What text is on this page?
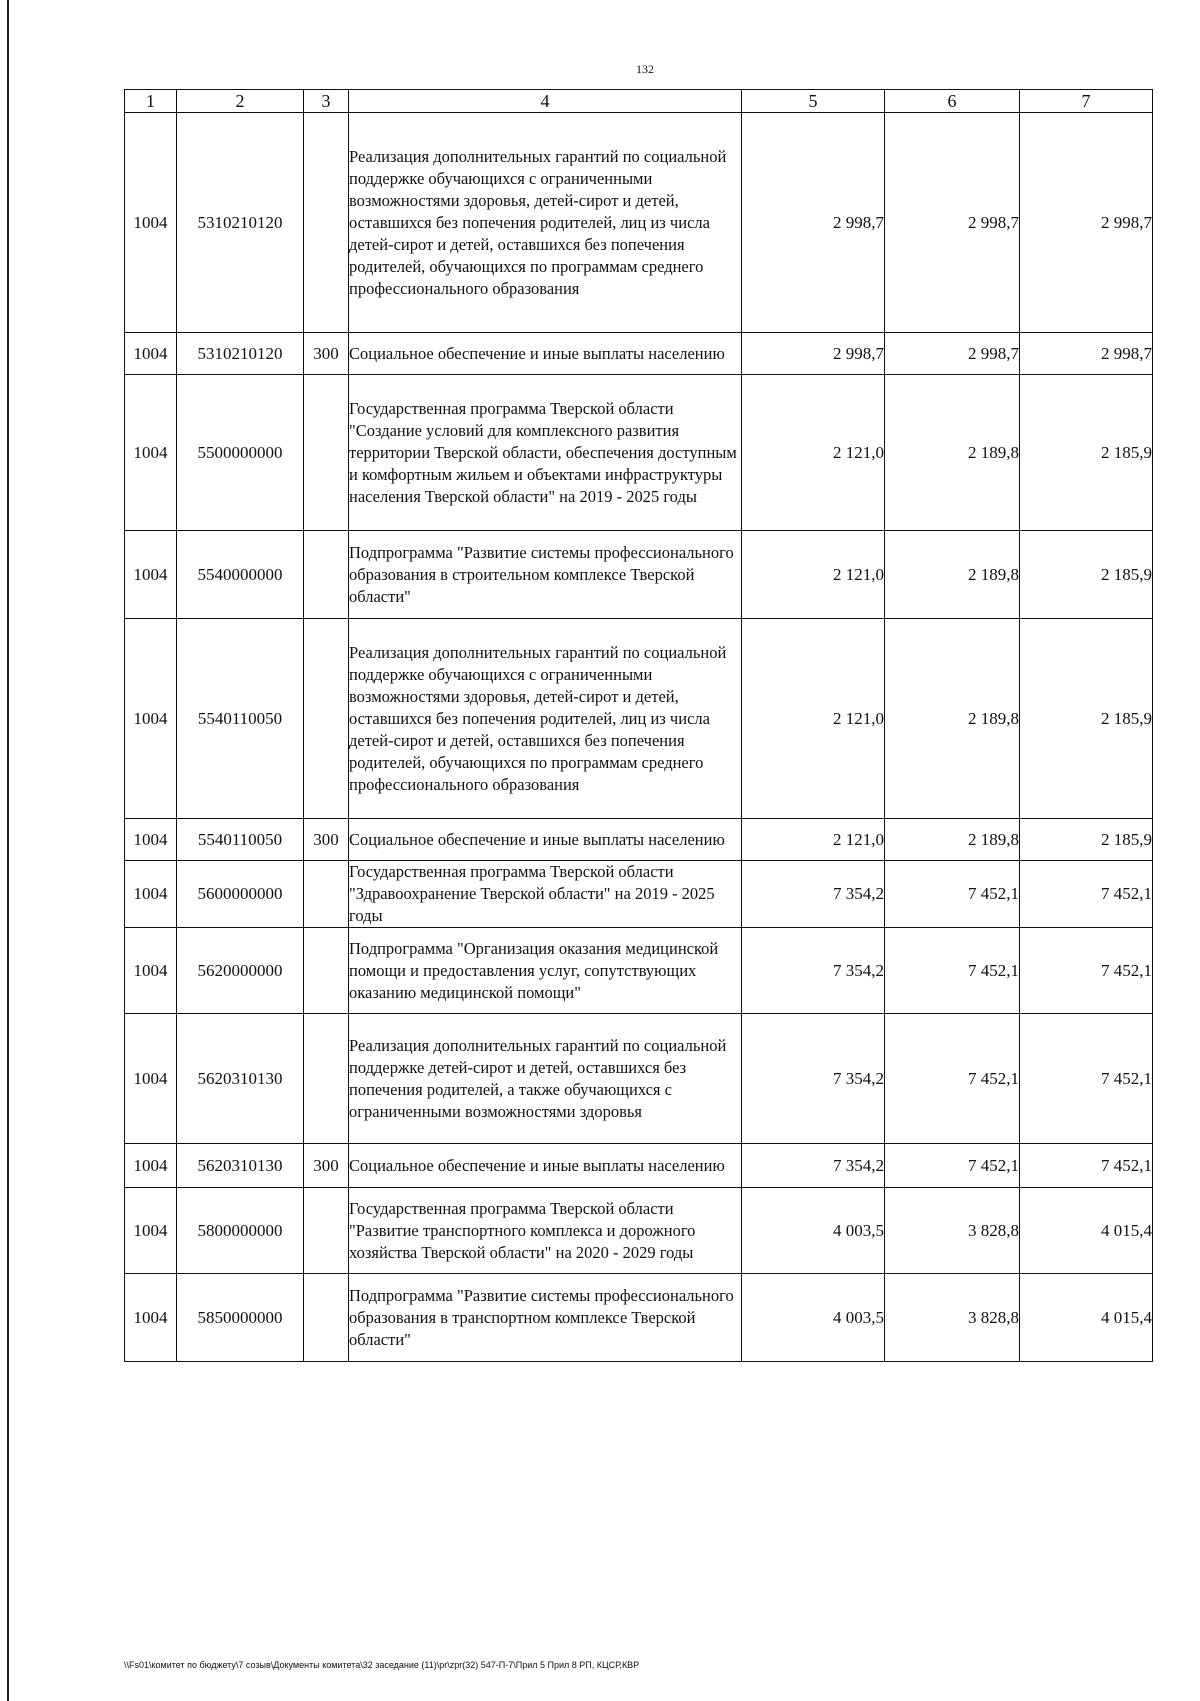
132
1	2	3	4	5	6	7
1004	5310210120		Реализация дополнительных гарантий по социальной поддержке обучающихся с ограниченными возможностями здоровья, детей-сирот и детей, оставшихся без попечения родителей, лиц из числа детей-сирот и детей, оставшихся без попечения родителей, обучающихся по программам среднего профессионального образования	2 998,7	2 998,7	2 998,7
1004	5310210120	300	Социальное обеспечение и иные выплаты населению	2 998,7	2 998,7	2 998,7
1004	5500000000		Государственная программа Тверской области "Создание условий для комплексного развития территории Тверской области, обеспечения доступным и комфортным жильем и объектами инфраструктуры населения Тверской области" на 2019 - 2025 годы	2 121,0	2 189,8	2 185,9
1004	5540000000		Подпрограмма "Развитие системы профессионального образования в строительном комплексе Тверской области"	2 121,0	2 189,8	2 185,9
1004	5540110050		Реализация дополнительных гарантий по социальной поддержке обучающихся с ограниченными возможностями здоровья, детей-сирот и детей, оставшихся без попечения родителей, лиц из числа детей-сирот и детей, оставшихся без попечения родителей, обучающихся по программам среднего профессионального образования	2 121,0	2 189,8	2 185,9
1004	5540110050	300	Социальное обеспечение и иные выплаты населению	2 121,0	2 189,8	2 185,9
1004	5600000000		Государственная программа Тверской области "Здравоохранение Тверской области" на 2019 - 2025 годы	7 354,2	7 452,1	7 452,1
1004	5620000000		Подпрограмма "Организация оказания медицинской помощи и предоставления услуг, сопутствующих оказанию медицинской помощи"	7 354,2	7 452,1	7 452,1
1004	5620310130		Реализация дополнительных гарантий по социальной поддержке детей-сирот и детей, оставшихся без попечения родителей, а также обучающихся с ограниченными возможностями здоровья	7 354,2	7 452,1	7 452,1
1004	5620310130	300	Социальное обеспечение и иные выплаты населению	7 354,2	7 452,1	7 452,1
1004	5800000000		Государственная программа Тверской области "Развитие транспортного комплекса и дорожного хозяйства Тверской области" на 2020 - 2029 годы	4 003,5	3 828,8	4 015,4
1004	5850000000		Подпрограмма "Развитие системы профессионального образования в транспортном комплексе Тверской области"	4 003,5	3 828,8	4 015,4
\\Fs01\комитет по бюджету\7 созыв\Документы комитета\32 заседание (11)\pr\zpr(32) 547-П-7\Прил 5 Прил 8 РП, КЦСР,КВР
